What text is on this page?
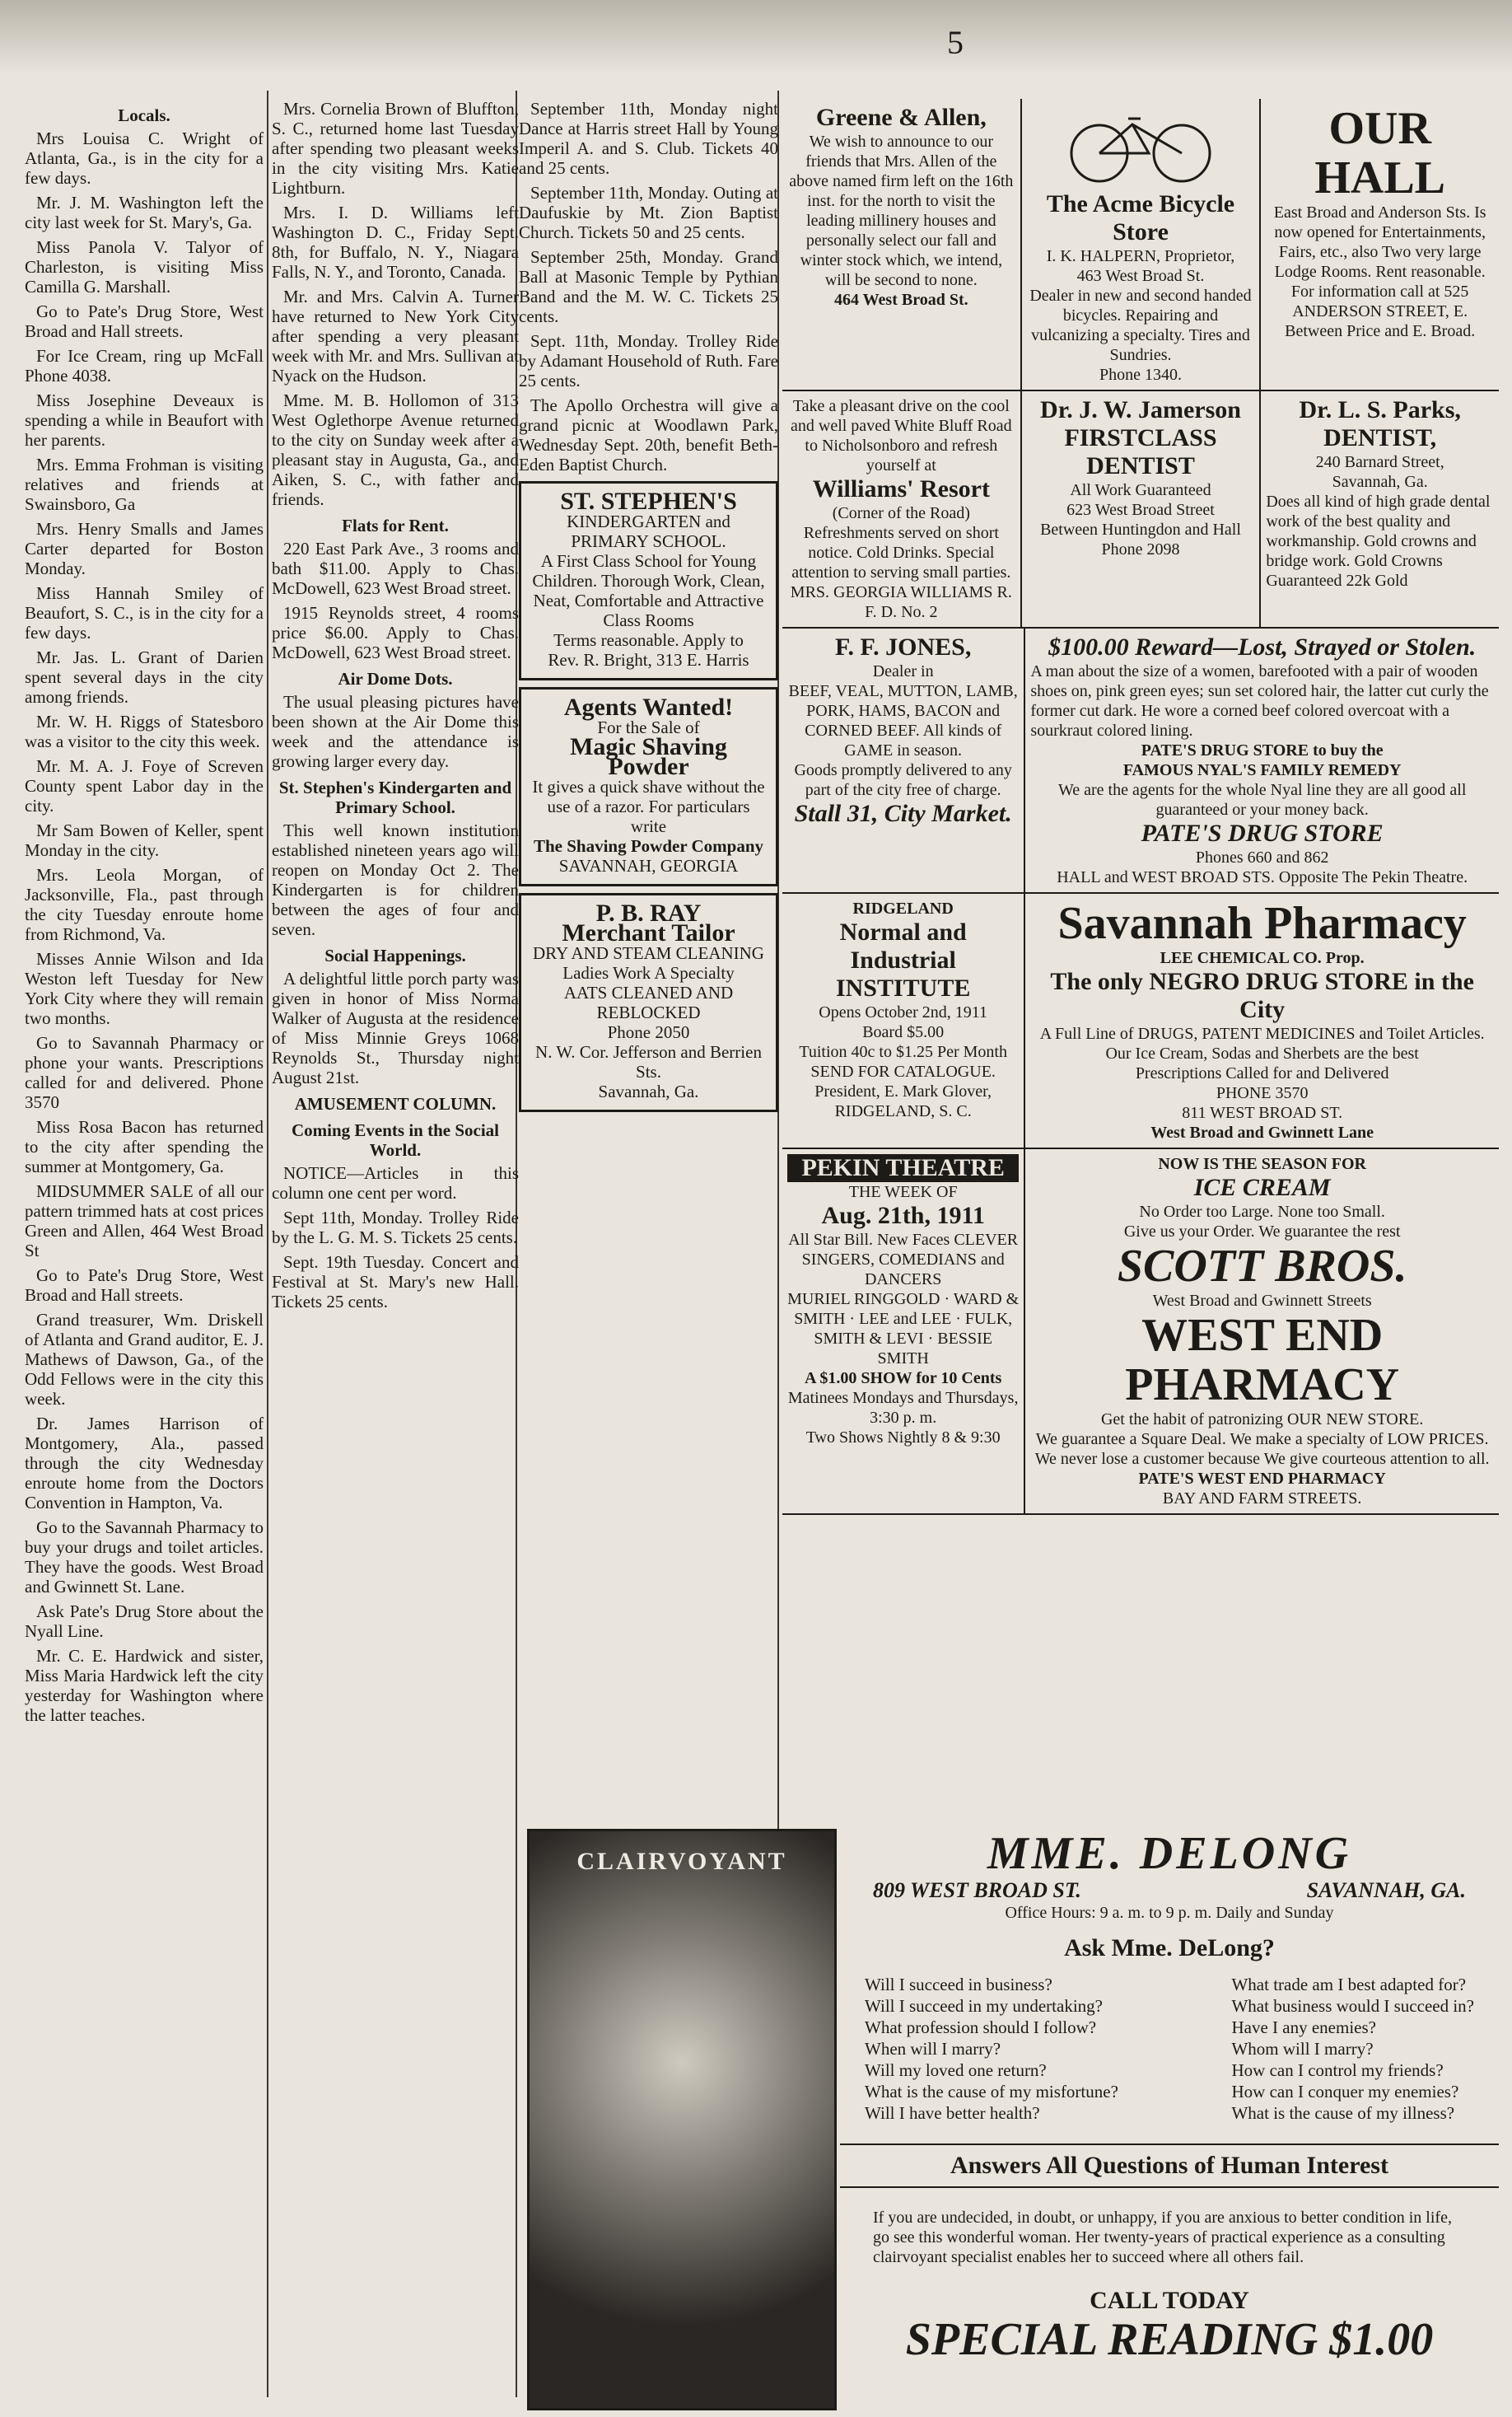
5
Locals.

Mrs Louisa C. Wright of Atlanta, Ga., is in the city for a few days.

Mr. J. M. Washington left the city last week for St. Mary's, Ga.

Miss Panola V. Talyor of Charleston, is visiting Miss Camilla G. Marshall.

Go to Pate's Drug Store, West Broad and Hall streets.

For Ice Cream, ring up McFall Phone 4038.

Miss Josephine Deveaux is spending a while in Beaufort with her parents.

Mrs. Emma Frohman is visiting relatives and friends at Swainsboro, Ga

Mrs. Henry Smalls and James Carter departed for Boston Monday.

Miss Hannah Smiley of Beaufort, S. C., is in the city for a few days.

Mr. Jas. L. Grant of Darien spent several days in the city among friends.

Mr. W. H. Riggs of Statesboro was a visitor to the city this week.

Mr. M. A. J. Foye of Screven County spent Labor day in the city.

Mr Sam Bowen of Keller, spent Monday in the city.

Mrs. Leola Morgan, of Jacksonville, Fla., past through the city Tuesday enroute home from Richmond, Va.

Misses Annie Wilson and Ida Weston left Tuesday for New York City where they will remain two months.

Go to Savannah Pharmacy or phone your wants. Prescriptions called for and delivered. Phone 3570

Miss Rosa Bacon has returned to the city after spending the summer at Montgomery, Ga.

MIDSUMMER SALE of all our pattern trimmed hats at cost prices Green and Allen, 464 West Broad St

Go to Pate's Drug Store, West Broad and Hall streets.

Grand treasurer, Wm. Driskell of Atlanta and Grand auditor, E. J. Mathews of Dawson, Ga., of the Odd Fellows were in the city this week.

Dr. James Harrison of Montgomery, Ala., passed through the city Wednesday enroute home from the Doctors Convention in Hampton, Va.

Go to the Savannah Pharmacy to buy your drugs and toilet articles. They have the goods. West Broad and Gwinnett St. Lane.

Ask Pate's Drug Store about the Nyall Line.

Mr. C. E. Hardwick and sister, Miss Maria Hardwick left the city yesterday for Washington where the latter teaches.

Mrs. Cornelia Brown of Bluffton, S. C., returned home last Tuesday after spending two pleasant weeks in the city visiting Mrs. Katie Lightburn.

Mrs. I. D. Williams left Washington D. C., Friday Sept. 8th, for Buffalo, N. Y., Niagara Falls, N. Y., and Toronto, Canada.

Mr. and Mrs. Calvin A. Turner have returned to New York City after spending a very pleasant week with Mr. and Mrs. Sullivan at Nyack on the Hudson.

Mme. M. B. Hollomon of 313 West Oglethorpe Avenue returned to the city on Sunday week after a pleasant stay in Augusta, Ga., and Aiken, S. C., with father and friends.

Flats for Rent.

220 East Park Ave., 3 rooms and bath $11.00. Apply to Chas. McDowell, 623 West Broad street.

1915 Reynolds street, 4 rooms price $6.00. Apply to Chas. McDowell, 623 West Broad street.

Air Dome Dots.

The usual pleasing pictures have been shown at the Air Dome this week and the attendance is growing larger every day.

St. Stephen's Kindergarten and Primary School.

This well known institution established nineteen years ago will reopen on Monday Oct 2. The Kindergarten is for children between the ages of four and seven.

Social Happenings.

A delightful little porch party was given in honor of Miss Norma Walker of Augusta at the residence of Miss Minnie Greys 1068 Reynolds St., Thursday night August 21st.

AMUSEMENT COLUMN.
Coming Events in the Social World.

NOTICE—Articles in this column one cent per word.

Sept 11th, Monday. Trolley Ride by the L. G. M. S. Tickets 25 cents.

Sept. 19th Tuesday. Concert and Festival at St. Mary's new Hall. Tickets 25 cents.

September 11th, Monday night Dance at Harris street Hall by Young Imperil A. and S. Club. Tickets 40 and 25 cents.

September 11th, Monday. Outing at Daufuskie by Mt. Zion Baptist Church. Tickets 50 and 25 cents.

September 25th, Monday. Grand Ball at Masonic Temple by Pythian Band and the M. W. C. Tickets 25 cents.

Sept. 11th, Monday. Trolley Ride by Adamant Household of Ruth. Fare 25 cents.

The Apollo Orchestra will give a grand picnic at Woodlawn Park, Wednesday Sept. 20th, benefit Beth-Eden Baptist Church.

ST. STEPHEN'S
KINDERGARTEN and PRIMARY SCHOOL.
A First Class School for Young Children. Thorough Work, Clean, Neat, Comfortable and Attractive Class Rooms
Terms reasonable. Apply to
Rev. R. Bright, 313 E. Harris
Agents Wanted!
For the Sale of
Magic Shaving Powder
It gives a quick shave without the use of a razor. For particulars write
The Shaving Powder Company
SAVANNAH, GEORGIA
P. B. RAY
Merchant Tailor
DRY AND STEAM CLEANING
Ladies Work A Specialty
AATS CLEANED AND REBLOCKED
Phone 2050
N. W. Cor. Jefferson and Berrien Sts.
Savannah, Ga.
Greene & Allen,
We wish to announce to our friends that Mrs. Allen of the above named firm left on the 16th inst. for the north to visit the leading millinery houses and personally select our fall and winter stock which, we intend, will be second to none.
464 West Broad St.
The Acme Bicycle Store
I. K. HALPERN, Proprietor,
463 West Broad St.
Dealer in new and second handed bicycles. Repairing and vulcanizing a specialty. Tires and Sundries.
Phone 1340.
OUR HALL
East Broad and Anderson Sts. Is now opened for Entertainments, Fairs, etc., also Two very large Lodge Rooms. Rent reasonable.
For information call at 525 ANDERSON STREET, E. Between Price and E. Broad.
Take a pleasant drive on the cool and well paved White Bluff Road to Nicholsonboro and refresh yourself at
Williams' Resort
(Corner of the Road)
Refreshments served on short notice. Cold Drinks. Special attention to serving small parties.
MRS. GEORGIA WILLIAMS R. F. D. No. 2
Dr. J. W. Jamerson
FIRSTCLASS DENTIST
All Work Guaranteed
623 West Broad Street
Between Huntingdon and Hall
Phone 2098
Dr. L. S. Parks,
DENTIST,
240 Barnard Street,
Savannah, Ga.
Does all kind of high grade dental work of the best quality and workmanship. Gold crowns and bridge work. Gold Crowns Guaranteed 22k Gold
F. F. JONES,
Dealer in
BEEF, VEAL, MUTTON, LAMB, PORK, HAMS, BACON and CORNED BEEF. All kinds of GAME in season.
Goods promptly delivered to any part of the city free of charge.
Stall 31, City Market.
$100.00 Reward—Lost, Strayed or Stolen.
A man about the size of a women, barefooted with a pair of wooden shoes on, pink green eyes; sun set colored hair, the latter cut curly the former cut dark. He wore a corned beef colored overcoat with a sourkraut colored lining.
PATE'S DRUG STORE to buy the
FAMOUS NYAL'S FAMILY REMEDY
We are the agents for the whole Nyal line they are all good all guaranteed or your money back.
PATE'S DRUG STORE
Phones 660 and 862
HALL and WEST BROAD STS. Opposite The Pekin Theatre.
RIDGELAND
Normal and Industrial INSTITUTE
Opens October 2nd, 1911
Board $5.00
Tuition 40c to $1.25 Per Month
SEND FOR CATALOGUE.
President, E. Mark Glover, RIDGELAND, S. C.
Savannah Pharmacy
LEE CHEMICAL CO. Prop.
The only NEGRO DRUG STORE in the City
A Full Line of DRUGS, PATENT MEDICINES and Toilet Articles.
Our Ice Cream, Sodas and Sherbets are the best
Prescriptions Called for and Delivered
PHONE 3570
811 WEST BROAD ST.
West Broad and Gwinnett Lane
PEKIN THEATRE
THE WEEK OF
Aug. 21th, 1911
All Star Bill. New Faces CLEVER SINGERS, COMEDIANS and DANCERS
MURIEL RINGGOLD · WARD & SMITH · LEE and LEE · FULK, SMITH & LEVI · BESSIE SMITH
A $1.00 SHOW for 10 Cents
Matinees Mondays and Thursdays, 3:30 p. m.
Two Shows Nightly 8 & 9:30
NOW IS THE SEASON FOR
ICE CREAM
No Order too Large. None too Small.
Give us your Order. We guarantee the rest
SCOTT BROS.
West Broad and Gwinnett Streets
WEST END PHARMACY
Get the habit of patronizing OUR NEW STORE.
We guarantee a Square Deal. We make a specialty of LOW PRICES. We never lose a customer because We give courteous attention to all.
PATE'S WEST END PHARMACY
BAY AND FARM STREETS.
CLAIRVOYANT	MME. DELONG
809 WEST BROAD ST.	SAVANNAH, GA.
Office Hours: 9 a. m. to 9 p. m. Daily and Sunday
Ask Mme. DeLong?
Will I succeed in business?
Will I succeed in my undertaking?
What profession should I follow?
When will I marry?
Will my loved one return?
What is the cause of my misfortune?
Will I have better health?
What trade am I best adapted for?
What business would I succeed in?
Have I any enemies?
Whom will I marry?
How can I control my friends?
How can I conquer my enemies?
What is the cause of my illness?
Answers All Questions of Human Interest
If you are undecided, in doubt, or unhappy, if you are anxious to better condition in life, go see this wonderful woman. Her twenty-years of practical experience as a consulting clairvoyant specialist enables her to succeed where all others fail.
CALL TODAY
SPECIAL READING $1.00
